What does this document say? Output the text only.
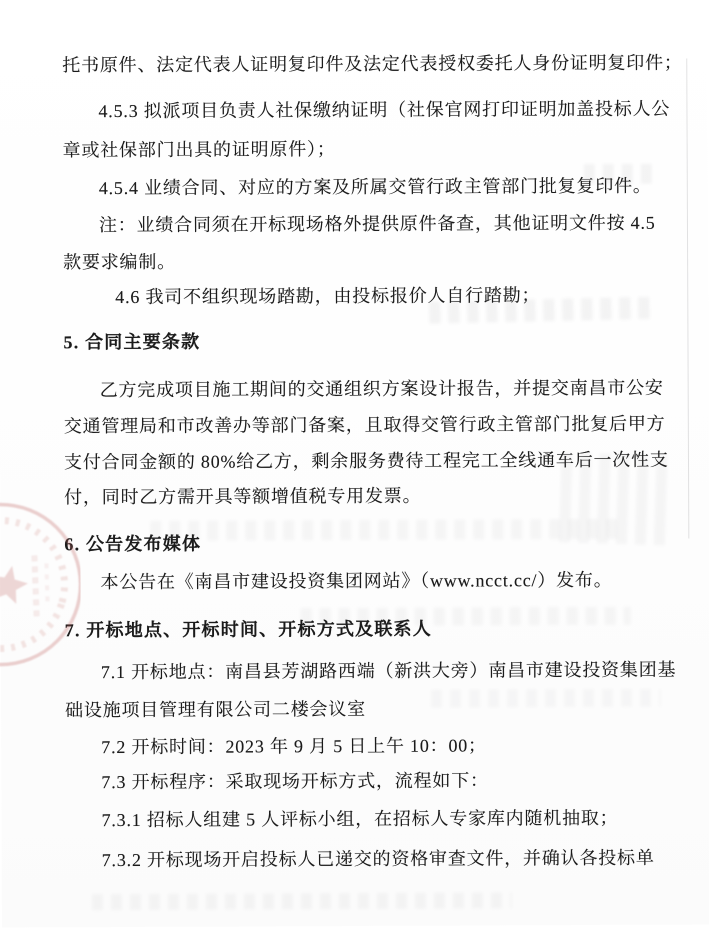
托书原件、法定代表人证明复印件及法定代表授权委托人身份证明复印件；
4.5.3 拟派项目负责人社保缴纳证明（社保官网打印证明加盖投标人公
章或社保部门出具的证明原件）；
4.5.4 业绩合同、对应的方案及所属交管行政主管部门批复复印件。
注：业绩合同须在开标现场格外提供原件备查，其他证明文件按 4.5
款要求编制。
4.6 我司不组织现场踏勘，由投标报价人自行踏勘；
5. 合同主要条款
乙方完成项目施工期间的交通组织方案设计报告，并提交南昌市公安
交通管理局和市改善办等部门备案，且取得交管行政主管部门批复后甲方
支付合同金额的 80%给乙方，剩余服务费待工程完工全线通车后一次性支
付，同时乙方需开具等额增值税专用发票。
6. 公告发布媒体
本公告在《南昌市建设投资集团网站》（www.ncct.cc/）发布。
7. 开标地点、开标时间、开标方式及联系人
7.1 开标地点：南昌县芳湖路西端（新洪大旁）南昌市建设投资集团基
础设施项目管理有限公司二楼会议室
7.2 开标时间：2023 年 9 月 5 日上午 10：00；
7.3 开标程序：采取现场开标方式，流程如下：
7.3.1 招标人组建 5 人评标小组，在招标人专家库内随机抽取；
7.3.2 开标现场开启投标人已递交的资格审查文件，并确认各投标单
